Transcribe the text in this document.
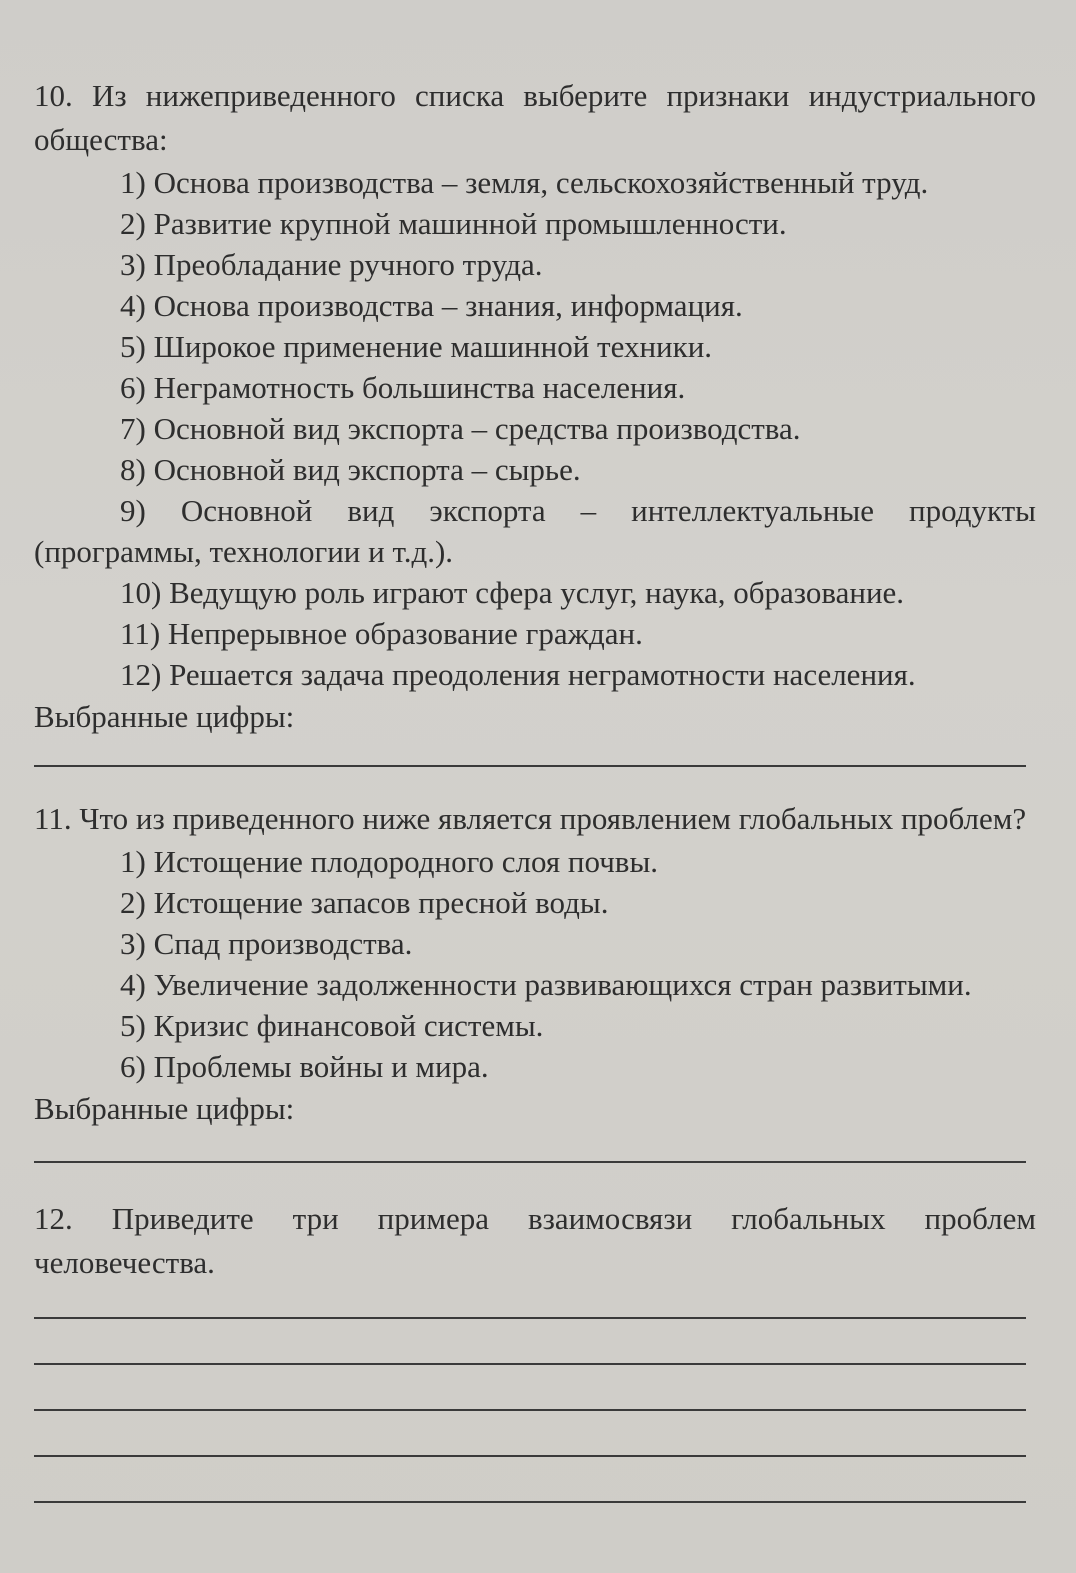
10. Из нижеприведенного списка выберите признаки индустриального общества:

1) Основа производства – земля, сельскохозяйственный труд.
2) Развитие крупной машинной промышленности.
3) Преобладание ручного труда.
4) Основа производства – знания, информация.
5) Широкое применение машинной техники.
6) Неграмотность большинства населения.
7) Основной вид экспорта – средства производства.
8) Основной вид экспорта – сырье.
9) Основной вид экспорта – интеллектуальные продукты (программы, технологии и т.д.).
10) Ведущую роль играют сфера услуг, наука, образование.
11) Непрерывное образование граждан.
12) Решается задача преодоления неграмотности населения.

Выбранные цифры:

11. Что из приведенного ниже является проявлением глобальных проблем?

1) Истощение плодородного слоя почвы.
2) Истощение запасов пресной воды.
3) Спад производства.
4) Увеличение задолженности развивающихся стран развитыми.
5) Кризис финансовой системы.
6) Проблемы войны и мира.

Выбранные цифры:

12. Приведите три примера взаимосвязи глобальных проблем человечества.
